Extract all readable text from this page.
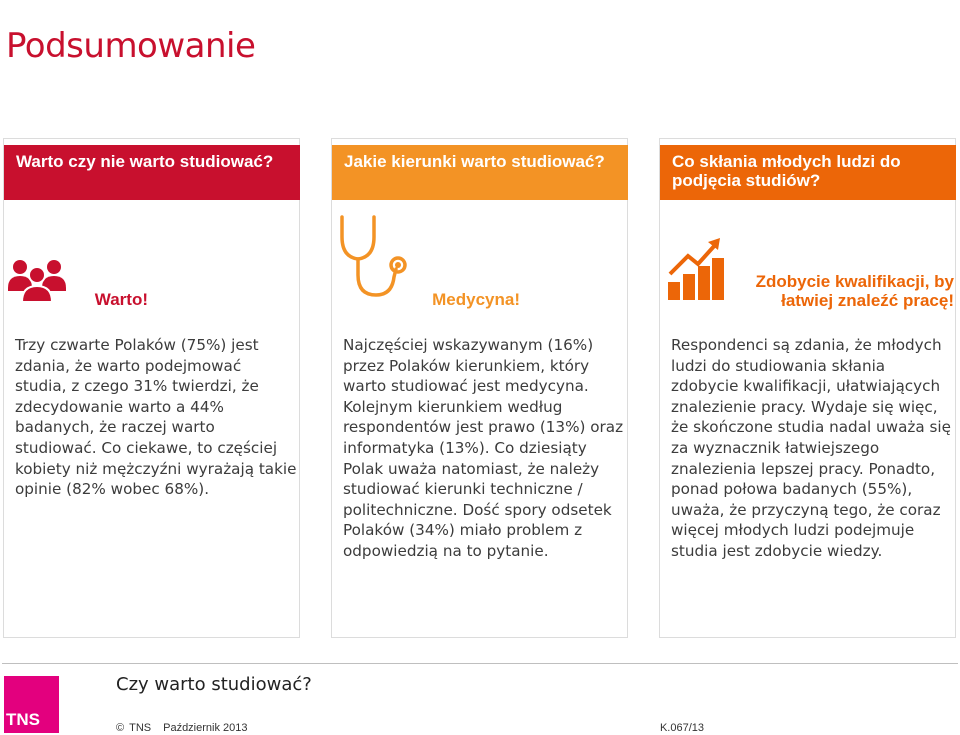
Podsumowanie
Warto czy nie warto studiować?	Jakie kierunki warto studiować?	Co skłania młodych ludzi do podjęcia studiów?
Warto!	Medycyna!
Zdobycie kwalifikacji, by łatwiej znaleźć pracę!

Trzy czwarte Polaków (75%) jest zdania, że warto podejmować studia, z czego 31% twierdzi, że zdecydowanie warto a 44% badanych, że raczej warto studiować. Co ciekawe, to częściej kobiety niż mężczyźni wyrażają takie opinie (82% wobec 68%).

Najczęściej wskazywanym (16%) przez Polaków kierunkiem, który warto studiować jest medycyna. Kolejnym kierunkiem według respondentów jest prawo (13%) oraz informatyka (13%). Co dziesiąty Polak uważa natomiast, że należy studiować kierunki techniczne / politechniczne. Dość spory odsetek Polaków (34%) miało problem z odpowiedzią na to pytanie.

Respondenci są zdania, że młodych ludzi do studiowania skłania zdobycie kwalifikacji, ułatwiających znalezienie pracy. Wydaje się więc, że skończone studia nadal uważa się za wyznacznik łatwiejszego znalezienia lepszej pracy. Ponadto, ponad połowa badanych (55%), uważa, że przyczyną tego, że coraz więcej młodych ludzi podejmuje studia jest zdobycie wiedzy.

TNS
Czy warto studiować?
© TNS Październik 2013	K.067/13
